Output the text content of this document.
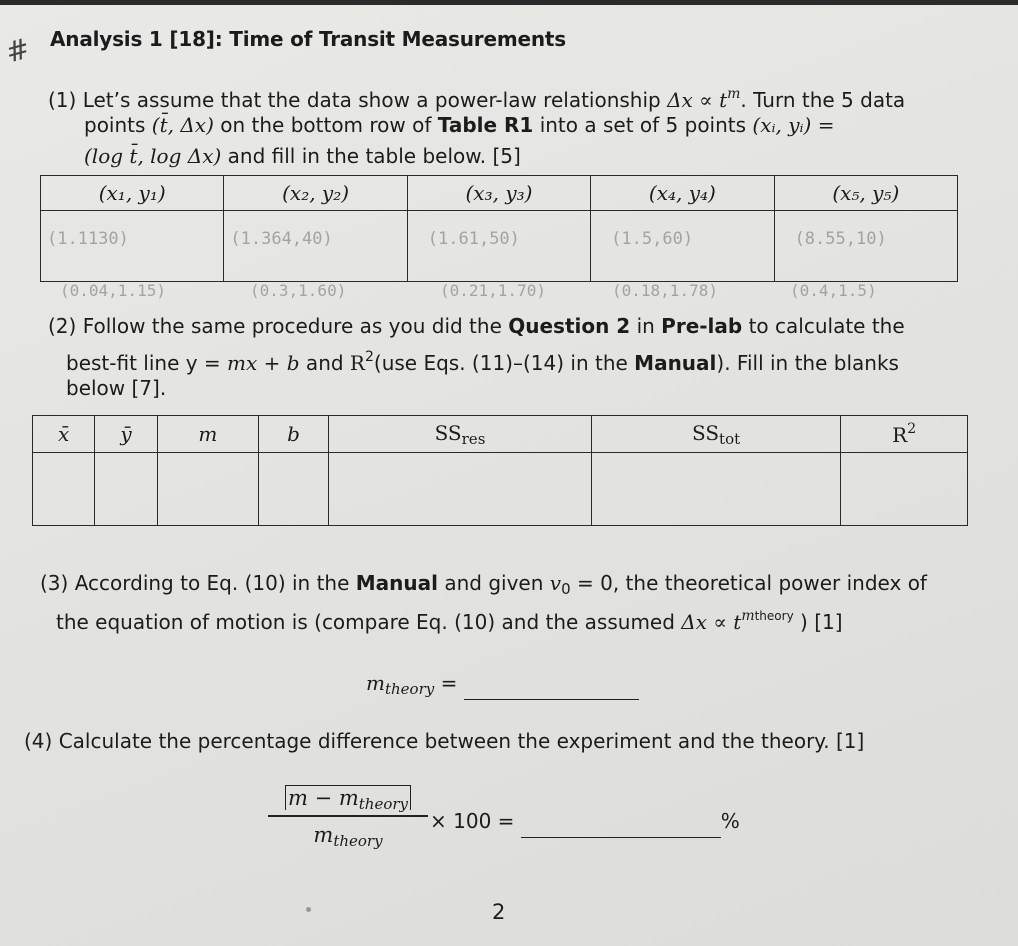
# Analysis 1 [18]: Time of Transit Measurements
(1) Let’s assume that the data show a power-law relationship $\Delta x \propto t^m$. Turn the 5 data
points (t̄, Δx) on the bottom row of Table R1 into a set of 5 points (xᵢ, yᵢ) =
(log t̄, log Δx) and fill in the table below. [5]
(x₁, y₁)	(x₂, y₂)	(x₃, y₃)	(x₄, y₄)	(x₅, y₅)

(1.1130)	(1.364,40)	(1.61,50)	(1.5,60)	(8.55,10)
(0.04,1.15)	(0.3,1.60)	(0.21,1.70)	(0.18,1.78)	(0.4,1.5)
(2) Follow the same procedure as you did the Question 2 in Pre-lab to calculate the
best-fit line y = mx + b and $R^2(use$ Eqs. (11)–(14) in the Manual). Fill in the blanks
below [7].
x̄	ȳ	m	b	$SS_{res}$	$SS_{tot}$	$R^2$

(3) According to Eq. (10) in the Manual and given $v_0 = 0$, the theoretical power index of
the equation of motion is (compare Eq. (10) and the assumed $\Delta x \propto t^{mtheory}$ ) [1]
$m_{theory}$ =
(4) Calculate the percentage difference between the experiment and the theory. [1]
$m - m_{theory}$
$m_{theory}$
× 100 =	%
2
